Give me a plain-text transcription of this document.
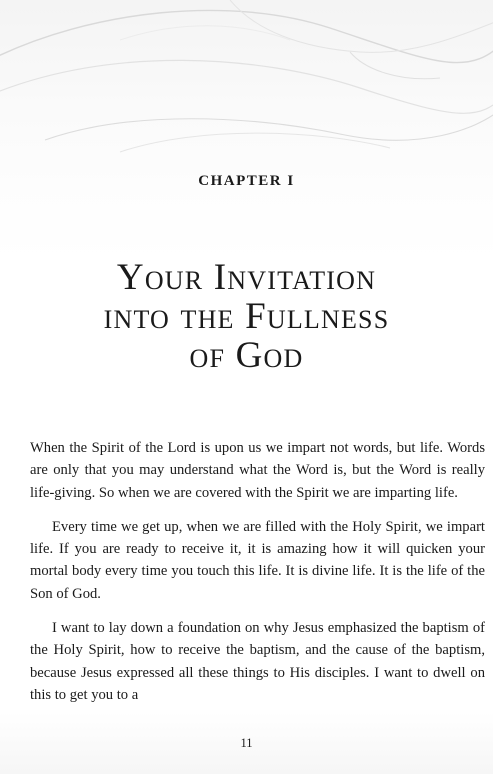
CHAPTER I
Your Invitation
into the Fullness
of God

When the Spirit of the Lord is upon us we impart not words, but life. Words are only that you may understand what the Word is, but the Word is really life-giving. So when we are covered with the Spirit we are imparting life.

Every time we get up, when we are filled with the Holy Spirit, we impart life. If you are ready to receive it, it is amazing how it will quicken your mortal body every time you touch this life. It is divine life. It is the life of the Son of God.

I want to lay down a foundation on why Jesus emphasized the baptism of the Holy Spirit, how to receive the baptism, and the cause of the baptism, because Jesus expressed all these things to His disciples. I want to dwell on this to get you to a

11
